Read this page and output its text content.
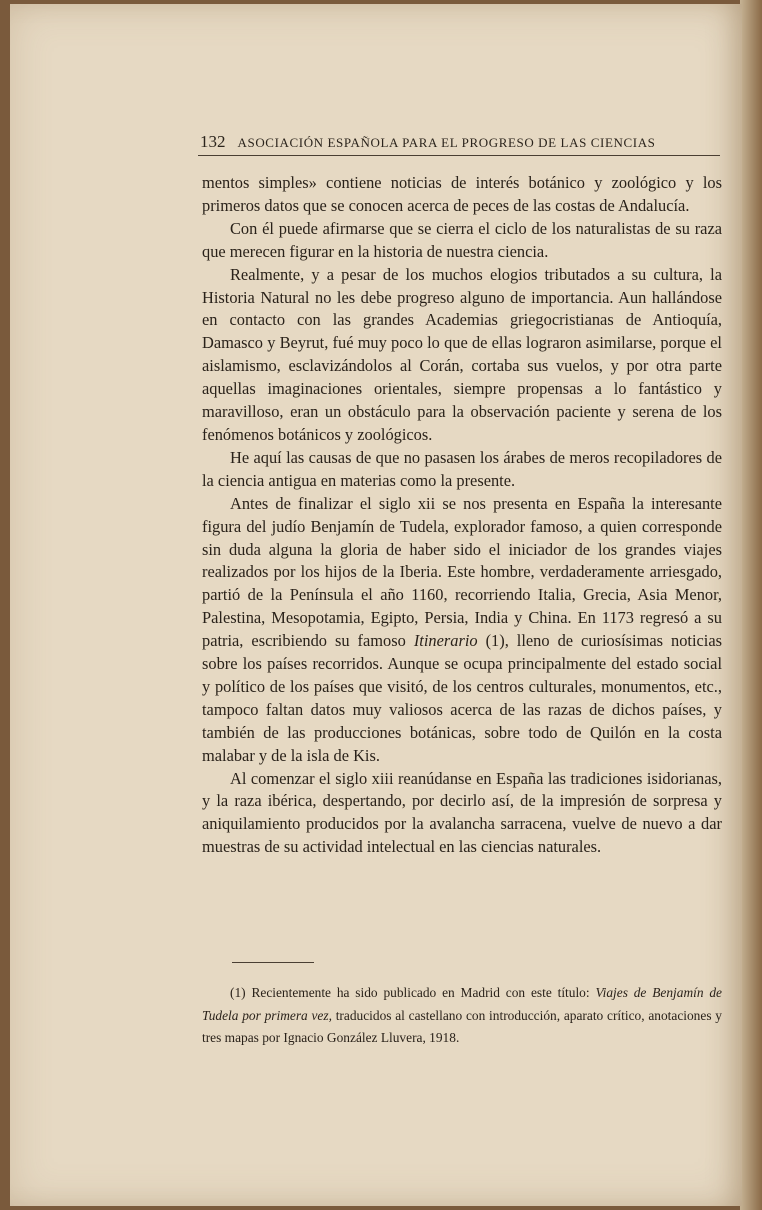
132 ASOCIACIÓN ESPAÑOLA PARA EL PROGRESO DE LAS CIENCIAS

mentos simples» contiene noticias de interés botánico y zoológico y los primeros datos que se conocen acerca de peces de las costas de Andalucía.

Con él puede afirmarse que se cierra el ciclo de los naturalistas de su raza que merecen figurar en la historia de nuestra ciencia.

Realmente, y a pesar de los muchos elogios tributados a su cultura, la Historia Natural no les debe progreso alguno de importancia. Aun hallándose en contacto con las grandes Academias griegocristianas de Antioquía, Damasco y Beyrut, fué muy poco lo que de ellas lograron asimilarse, porque el aislamismo, esclavizándolos al Corán, cortaba sus vuelos, y por otra parte aquellas imaginaciones orientales, siempre propensas a lo fantástico y maravilloso, eran un obstáculo para la observación paciente y serena de los fenómenos botánicos y zoológicos.

He aquí las causas de que no pasasen los árabes de meros recopiladores de la ciencia antigua en materias como la presente.

Antes de finalizar el siglo xii se nos presenta en España la interesante figura del judío Benjamín de Tudela, explorador famoso, a quien corresponde sin duda alguna la gloria de haber sido el iniciador de los grandes viajes realizados por los hijos de la Iberia. Este hombre, verdaderamente arriesgado, partió de la Península el año 1160, recorriendo Italia, Grecia, Asia Menor, Palestina, Mesopotamia, Egipto, Persia, India y China. En 1173 regresó a su patria, escribiendo su famoso Itinerario (1), lleno de curiosísimas noticias sobre los países recorridos. Aunque se ocupa principalmente del estado social y político de los países que visitó, de los centros culturales, monumentos, etc., tampoco faltan datos muy valiosos acerca de las razas de dichos países, y también de las producciones botánicas, sobre todo de Quilón en la costa malabar y de la isla de Kis.

Al comenzar el siglo xiii reanúdanse en España las tradiciones isidorianas, y la raza ibérica, despertando, por decirlo así, de la impresión de sorpresa y aniquilamiento producidos por la avalancha sarracena, vuelve de nuevo a dar muestras de su actividad intelectual en las ciencias naturales.

(1) Recientemente ha sido publicado en Madrid con este título: Viajes de Benjamín de Tudela por primera vez, traducidos al castellano con introducción, aparato crítico, anotaciones y tres mapas por Ignacio González Lluvera, 1918.
